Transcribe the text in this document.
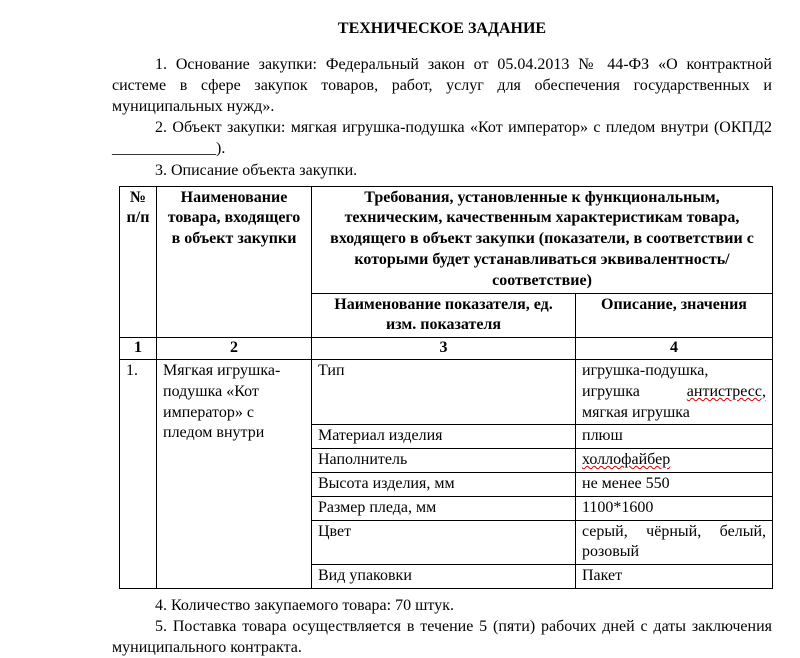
ТЕХНИЧЕСКОЕ ЗАДАНИЕ

1. Основание закупки: Федеральный закон от 05.04.2013 № 44-ФЗ «О контрактной системе в сфере закупок товаров, работ, услуг для обеспечения государственных и муниципальных нужд».

2. Объект закупки: мягкая игрушка-подушка «Кот император» с пледом внутри (ОКПД2 _____________).

3. Описание объекта закупки.

№ п/п	Наименование товара, входящего в объект закупки	Требования, установленные к функциональным, техническим, качественным характеристикам товара, входящего в объект закупки (показатели, в соответствии с которыми будет устанавливаться эквивалентность/соответствие)	
		Наименование показателя, ед. изм. показателя	Описание, значения
1	2	3	4
1.	Мягкая игрушка-подушка «Кот император» с пледом внутри	Тип	игрушка-подушка, игрушка антистресс, мягкая игрушка
		Материал изделия	плюш
		Наполнитель	холлофайбер
		Высота изделия, мм	не менее 550
		Размер пледа, мм	1100*1600
		Цвет	серый, чёрный, белый, розовый
		Вид упаковки	Пакет

4. Количество закупаемого товара: 70 штук.

5. Поставка товара осуществляется в течение 5 (пяти) рабочих дней с даты заключения муниципального контракта.
